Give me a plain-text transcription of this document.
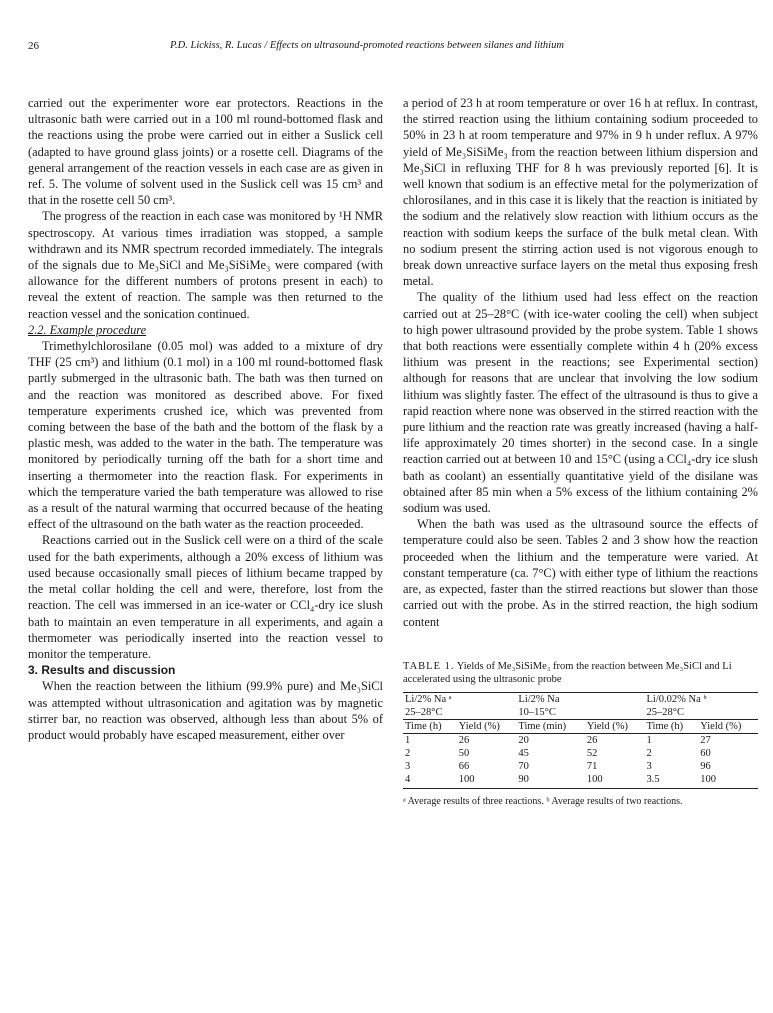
26	P.D. Lickiss, R. Lucas / Effects on ultrasound-promoted reactions between silanes and lithium

carried out the experimenter wore ear protectors. Reactions in the ultrasonic bath were carried out in a 100 ml round-bottomed flask and the reactions using the probe were carried out in either a Suslick cell (adapted to have ground glass joints) or a rosette cell. Diagrams of the general arrangement of the reaction vessels in each case are as given in ref. 5. The volume of solvent used in the Suslick cell was 15 cm³ and that in the rosette cell 50 cm³.

The progress of the reaction in each case was monitored by ¹H NMR spectroscopy. At various times irradiation was stopped, a sample withdrawn and its NMR spectrum recorded immediately. The integrals of the signals due to Me₃SiCl and Me₃SiSiMe₃ were compared (with allowance for the different numbers of protons present in each) to reveal the extent of reaction. The sample was then returned to the reaction vessel and the sonication continued.

2.2. Example procedure

Trimethylchlorosilane (0.05 mol) was added to a mixture of dry THF (25 cm³) and lithium (0.1 mol) in a 100 ml round-bottomed flask partly submerged in the ultrasonic bath. The bath was then turned on and the reaction was monitored as described above. For fixed temperature experiments crushed ice, which was prevented from coming between the base of the bath and the bottom of the flask by a plastic mesh, was added to the water in the bath. The temperature was monitored by periodically turning off the bath for a short time and inserting a thermometer into the reaction flask. For experiments in which the temperature varied the bath temperature was allowed to rise as a result of the natural warming that occurred because of the heating effect of the ultrasound on the bath water as the reaction proceeded.

Reactions carried out in the Suslick cell were on a third of the scale used for the bath experiments, although a 20% excess of lithium was used because occasionally small pieces of lithium became trapped by the metal collar holding the cell and were, therefore, lost from the reaction. The cell was immersed in an ice-water or CCl₄-dry ice slush bath to maintain an even temperature in all experiments, and again a thermometer was periodically inserted into the reaction vessel to monitor the temperature.

3. Results and discussion

When the reaction between the lithium (99.9% pure) and Me₃SiCl was attempted without ultrasonication and agitation was by magnetic stirrer bar, no reaction was observed, although less than about 5% of product would probably have escaped measurement, either over

a period of 23 h at room temperature or over 16 h at reflux. In contrast, the stirred reaction using the lithium containing sodium proceeded to 50% in 23 h at room temperature and 97% in 9 h under reflux. A 97% yield of Me₃SiSiMe₃ from the reaction between lithium dispersion and Me₃SiCl in refluxing THF for 8 h was previously reported [6]. It is well known that sodium is an effective metal for the polymerization of chlorosilanes, and in this case it is likely that the reaction is initiated by the sodium and the relatively slow reaction with lithium occurs as the reaction with sodium keeps the surface of the bulk metal clean. With no sodium present the stirring action used is not vigorous enough to break down unreactive surface layers on the metal thus exposing fresh metal.

The quality of the lithium used had less effect on the reaction carried out at 25–28°C (with ice-water cooling the cell) when subject to high power ultrasound provided by the probe system. Table 1 shows that both reactions were essentially complete within 4 h (20% excess lithium was present in the reactions; see Experimental section) although for reasons that are unclear that involving the low sodium lithium was slightly faster. The effect of the ultrasound is thus to give a rapid reaction where none was observed in the stirred reaction with the pure lithium and the reaction rate was greatly increased (having a half-life approximately 20 times shorter) in the second case. In a single reaction carried out at between 10 and 15°C (using a CCl₄-dry ice slush bath as coolant) an essentially quantitative yield of the disilane was obtained after 85 min when a 5% excess of the lithium containing 2% sodium was used.

When the bath was used as the ultrasound source the effects of temperature could also be seen. Tables 2 and 3 show how the reaction proceeded when the lithium and the temperature were varied. At constant temperature (ca. 7°C) with either type of lithium the reactions are, as expected, faster than the stirred reactions but slower than those carried out with the probe. As in the stirred reaction, the high sodium content

TABLE 1. Yields of Me₃SiSiMe₃ from the reaction between Me₃SiCl and Li accelerated using the ultrasonic probe
Li/2% Na ᵃ		Li/2% Na		Li/0.02% Na ᵇ	
25–28°C		10–15°C		25–28°C	
Time (h)	Yield (%)	Time (min)	Yield (%)	Time (h)	Yield (%)
1	26	20	26	1	27
2	50	45	52	2	60
3	66	70	71	3	96
4	100	90	100	3.5	100
ᵃ Average results of three reactions. ᵇ Average results of two reactions.
